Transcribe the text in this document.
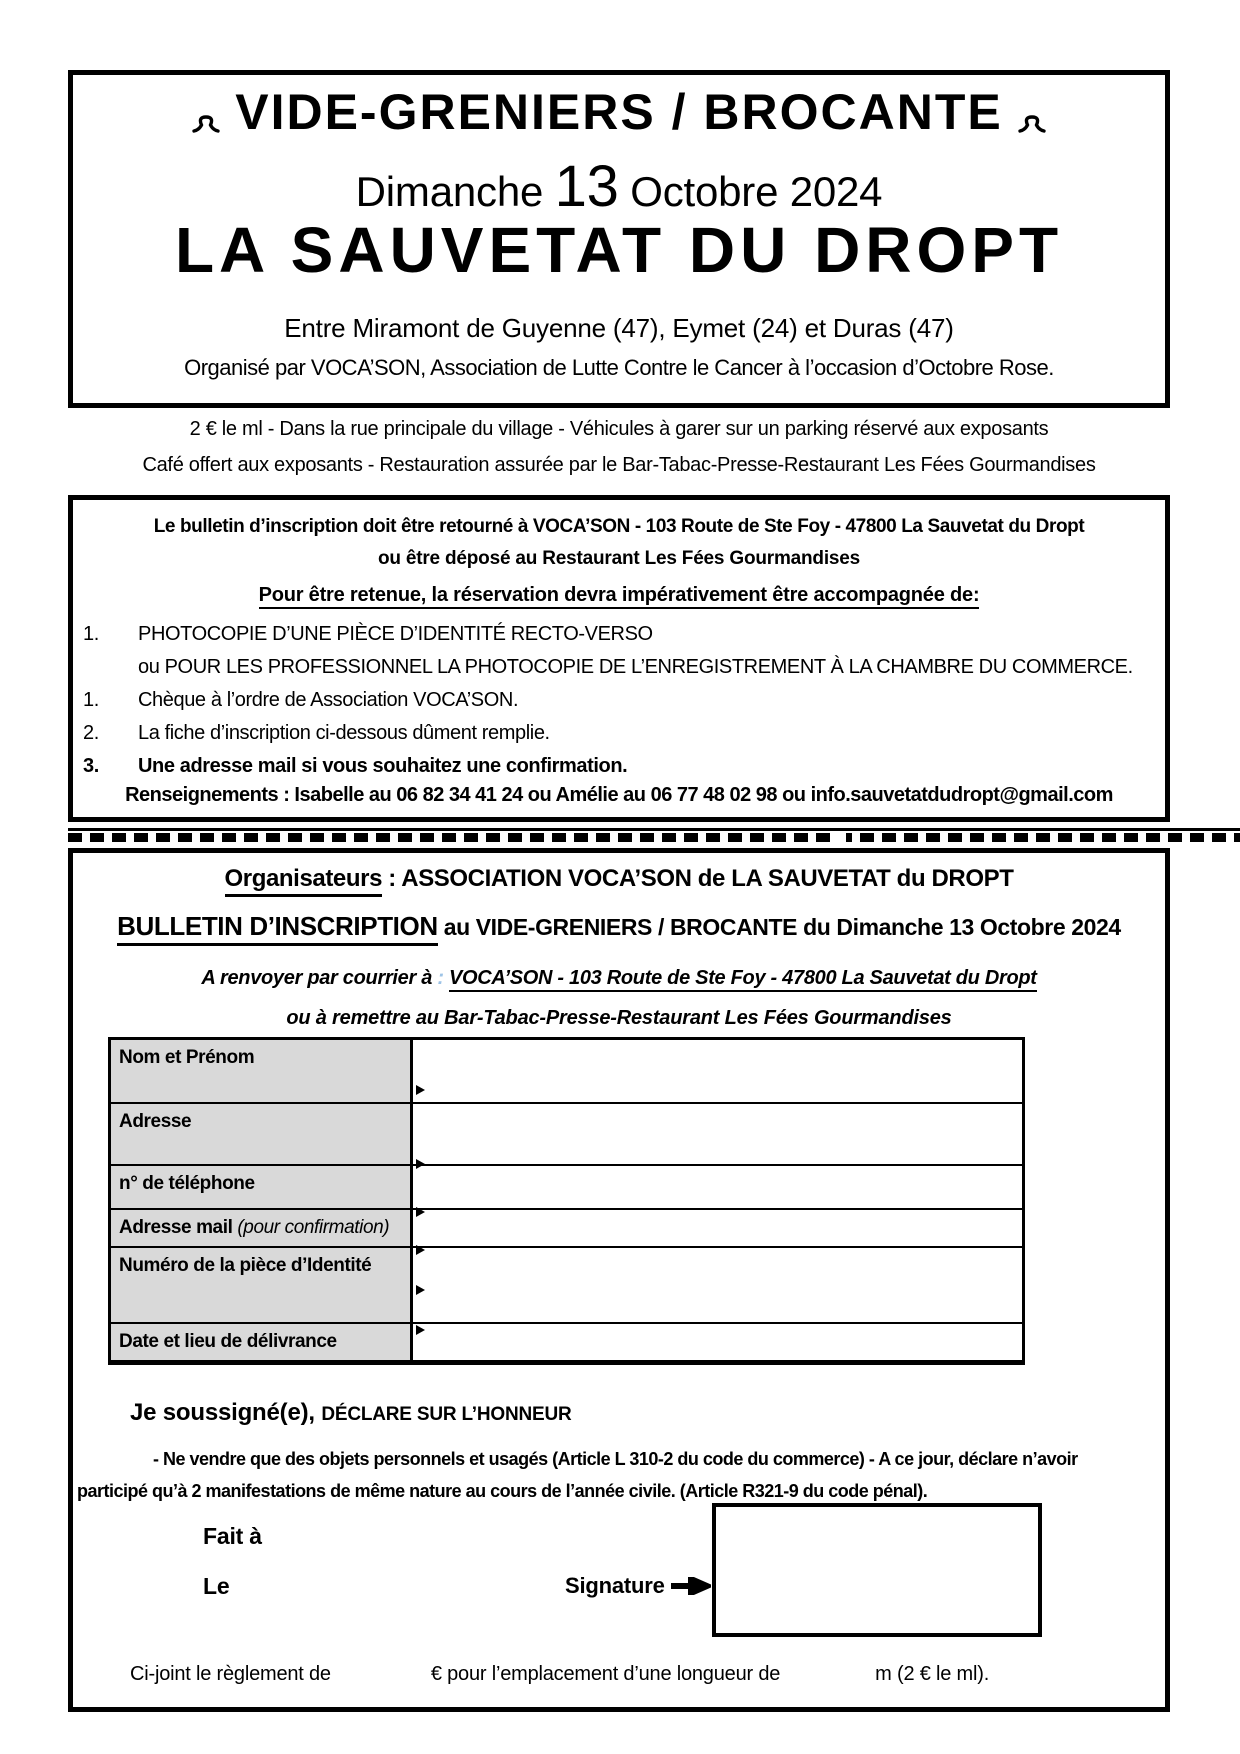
VIDE-GRENIERS / BROCANTE
Dimanche 13 Octobre 2024
LA SAUVETAT DU DROPT
Entre Miramont de Guyenne (47), Eymet (24) et Duras (47)
Organisé par VOCA’SON, Association de Lutte Contre le Cancer à l’occasion d’Octobre Rose.
2 € le ml - Dans la rue principale du village - Véhicules à garer sur un parking réservé aux exposants
Café offert aux exposants - Restauration assurée par le Bar-Tabac-Presse-Restaurant Les Fées Gourmandises
Le bulletin d’inscription doit être retourné à VOCA’SON - 103 Route de Ste Foy - 47800 La Sauvetat du Dropt
ou être déposé au Restaurant Les Fées Gourmandises
Pour être retenue, la réservation devra impérativement être accompagnée de:
1.	PHOTOCOPIE D’UNE PIÈCE D’IDENTITÉ RECTO-VERSO
ou POUR LES PROFESSIONNEL LA PHOTOCOPIE DE L’ENREGISTREMENT À LA CHAMBRE DU COMMERCE.
1.	Chèque à l’ordre de Association VOCA’SON.
2.	La fiche d’inscription ci-dessous dûment remplie.
3.	Une adresse mail si vous souhaitez une confirmation.
Renseignements : Isabelle au 06 82 34 41 24 ou Amélie au 06 77 48 02 98 ou info.sauvetatdudropt@gmail.com
Organisateurs : ASSOCIATION VOCA’SON de LA SAUVETAT du DROPT
BULLETIN D’INSCRIPTION au VIDE-GRENIERS / BROCANTE du Dimanche 13 Octobre 2024
A renvoyer par courrier à : VOCA’SON - 103 Route de Ste Foy - 47800 La Sauvetat du Dropt
ou à remettre au Bar-Tabac-Presse-Restaurant Les Fées Gourmandises
Nom et Prénom
Adresse
n° de téléphone
Adresse mail (pour confirmation)
Numéro de la pièce d’Identité
Date et lieu de délivrance
Je soussigné(e), DÉCLARE SUR L’HONNEUR
- Ne vendre que des objets personnels et usagés (Article L 310-2 du code du commerce) - A ce jour, déclare n’avoir
participé qu’à 2 manifestations de même nature au cours de l’année civile. (Article R321-9 du code pénal).
Fait à
Le	Signature
Ci-joint le règlement de	€ pour l’emplacement d’une longueur de	m (2 € le ml).
